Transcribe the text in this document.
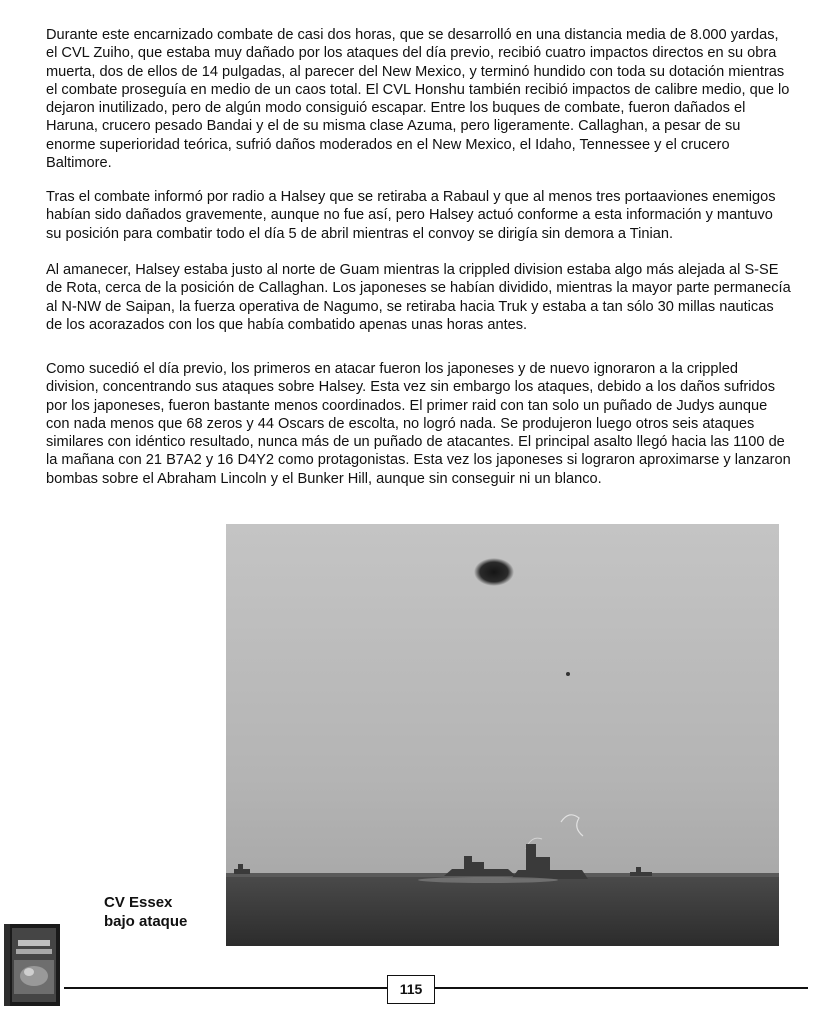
Durante este encarnizado combate de casi dos horas, que se desarrolló en una distancia media de 8.000 yardas, el CVL Zuiho, que estaba muy dañado por los ataques del día previo, recibió cuatro impactos directos en su obra muerta, dos de ellos de 14 pulgadas, al parecer del New Mexico, y terminó hundido con toda su dotación mientras el combate proseguía en medio de un caos total. El CVL Honshu también recibió impactos de calibre medio, que lo dejaron inutilizado, pero de algún modo consiguió escapar. Entre los buques de combate, fueron dañados el Haruna, crucero pesado Bandai y el de su misma clase Azuma, pero ligeramente. Callaghan, a pesar de su enorme superioridad teórica, sufrió daños moderados en el New Mexico, el Idaho, Tennessee y el crucero Baltimore.

Tras el combate informó por radio a Halsey que se retiraba a Rabaul y que al menos tres portaaviones enemigos habían sido dañados gravemente, aunque no fue así, pero Halsey actuó conforme a esta información y mantuvo su posición para combatir todo el día 5 de abril mientras el convoy se dirigía sin demora a Tinian.

Al amanecer, Halsey estaba justo al norte de Guam mientras la crippled division estaba algo más alejada al S-SE de Rota, cerca de la posición de Callaghan. Los japoneses se habían dividido, mientras la mayor parte permanecía al N-NW de Saipan, la fuerza operativa de Nagumo, se retiraba hacia Truk y estaba a tan sólo 30 millas nauticas de los acorazados con los que había combatido apenas unas horas antes.

Como sucedió el día previo, los primeros en atacar fueron los japoneses y de nuevo ignoraron a la crippled division, concentrando sus ataques sobre Halsey. Esta vez sin embargo los ataques, debido a los daños sufridos por los japoneses, fueron bastante menos coordinados. El primer raid con tan solo un puñado de Judys aunque con nada menos que 68 zeros y 44 Oscars de escolta, no logró nada. Se produjeron luego otros seis ataques similares con idéntico resultado, nunca más de un puñado de atacantes. El principal asalto llegó hacia las 1100 de la mañana con 21 B7A2 y 16 D4Y2 como protagonistas. Esta vez los japoneses si lograron aproximarse y lanzaron bombas sobre el Abraham Lincoln y el Bunker Hill, aunque sin conseguir ni un blanco.

CV Essex
bajo ataque
115
